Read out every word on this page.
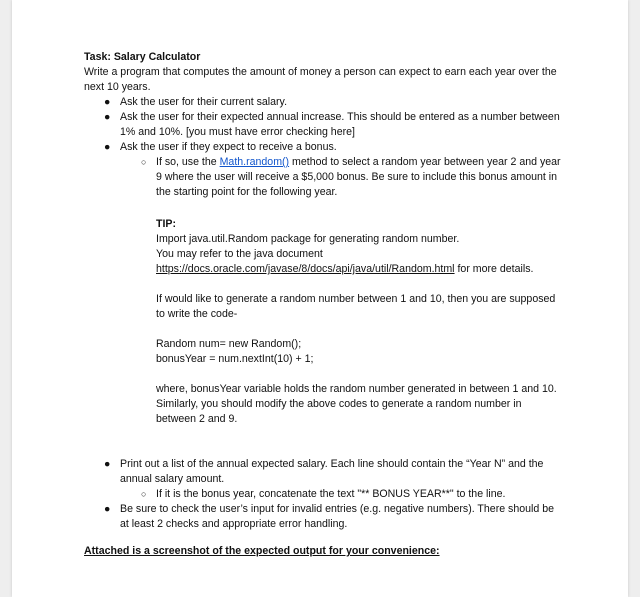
Task: Salary Calculator

Write a program that computes the amount of money a person can expect to earn each year over the next 10 years.

● Ask the user for their current salary.
● Ask the user for their expected annual increase. This should be entered as a number between 1% and 10%. [you must have error checking here]
● Ask the user if they expect to receive a bonus.
○ If so, use the Math.random() method to select a random year between year 2 and year 9 where the user will receive a $5,000 bonus. Be sure to include this bonus amount in the starting point for the following year.

TIP:

Import java.util.Random package for generating random number.

You may refer to the java document

https://docs.oracle.com/javase/8/docs/api/java/util/Random.html for more details.

If would like to generate a random number between 1 and 10, then you are supposed to write the code-

Random num= new Random();

bonusYear = num.nextInt(10) + 1;

where, bonusYear variable holds the random number generated in between 1 and 10. Similarly, you should modify the above codes to generate a random number in between 2 and 9.

● Print out a list of the annual expected salary. Each line should contain the “Year N” and the annual salary amount.
○ If it is the bonus year, concatenate the text "** BONUS YEAR**" to the line.
● Be sure to check the user’s input for invalid entries (e.g. negative numbers). There should be at least 2 checks and appropriate error handling.

Attached is a screenshot of the expected output for your convenience:
